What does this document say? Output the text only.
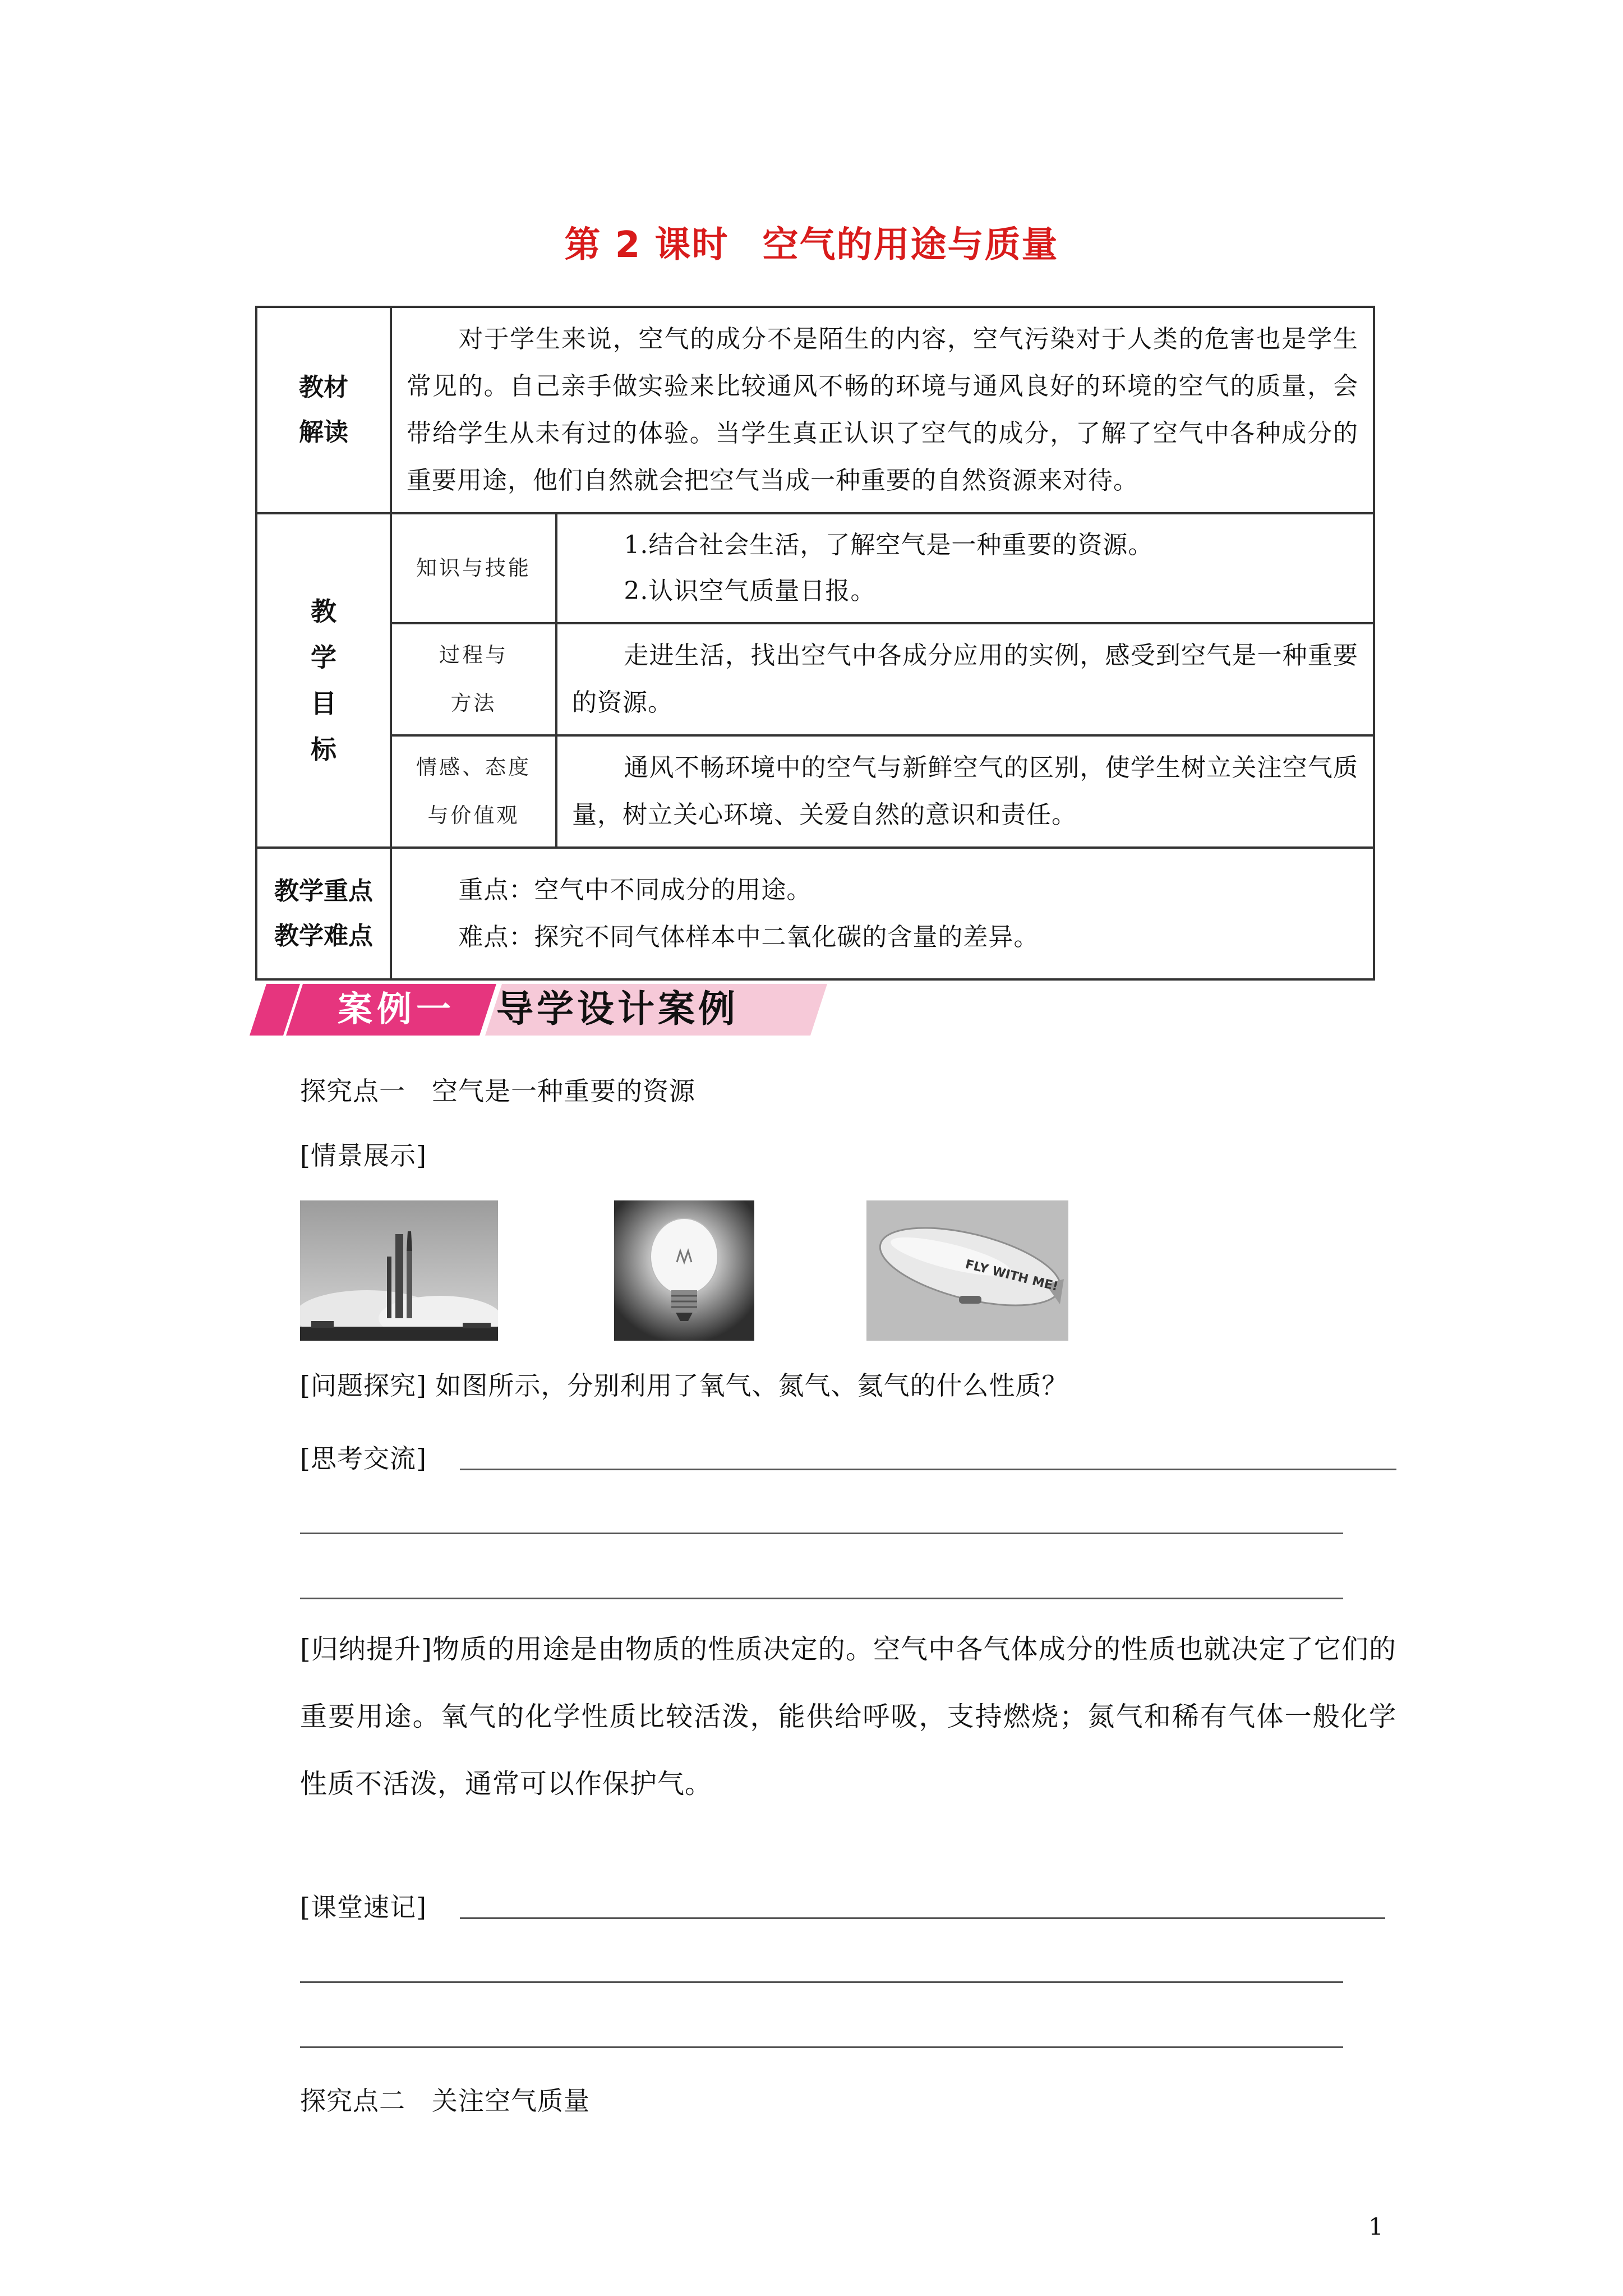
第 2 课时 空气的用途与质量
教材
解读	对于学生来说，空气的成分不是陌生的内容，空气污染对于人类的危害也是学生常见的。自己亲手做实验来比较通风不畅的环境与通风良好的环境的空气的质量，会带给学生从未有过的体验。当学生真正认识了空气的成分，了解了空气中各种成分的重要用途，他们自然就会把空气当成一种重要的自然资源来对待。	

教
学
目
标	知识与技能	1.结合社会生活，了解空气是一种重要的资源。
2.认识空气质量日报。

	过程与
方法	走进生活，找出空气中各成分应用的实例，感受到空气是一种重要的资源。

	情感、态度
与价值观	通风不畅环境中的空气与新鲜空气的区别，使学生树立关注空气质量，树立关心环境、关爱自然的意识和责任。

教学重点
教学难点	重点：空气中不同成分的用途。
难点：探究不同气体样本中二氧化碳的含量的差异。	
案例一	导学设计案例
探究点一　空气是一种重要的资源
[情景展示]
FLY WITH ME!
[问题探究] 如图所示，分别利用了氧气、氮气、氦气的什么性质？
[思考交流]
[归纳提升]物质的用途是由物质的性质决定的。空气中各气体成分的性质也就决定了它们的重要用途。氧气的化学性质比较活泼，能供给呼吸，支持燃烧；氮气和稀有气体一般化学性质不活泼，通常可以作保护气。
[课堂速记]
探究点二　关注空气质量
1
